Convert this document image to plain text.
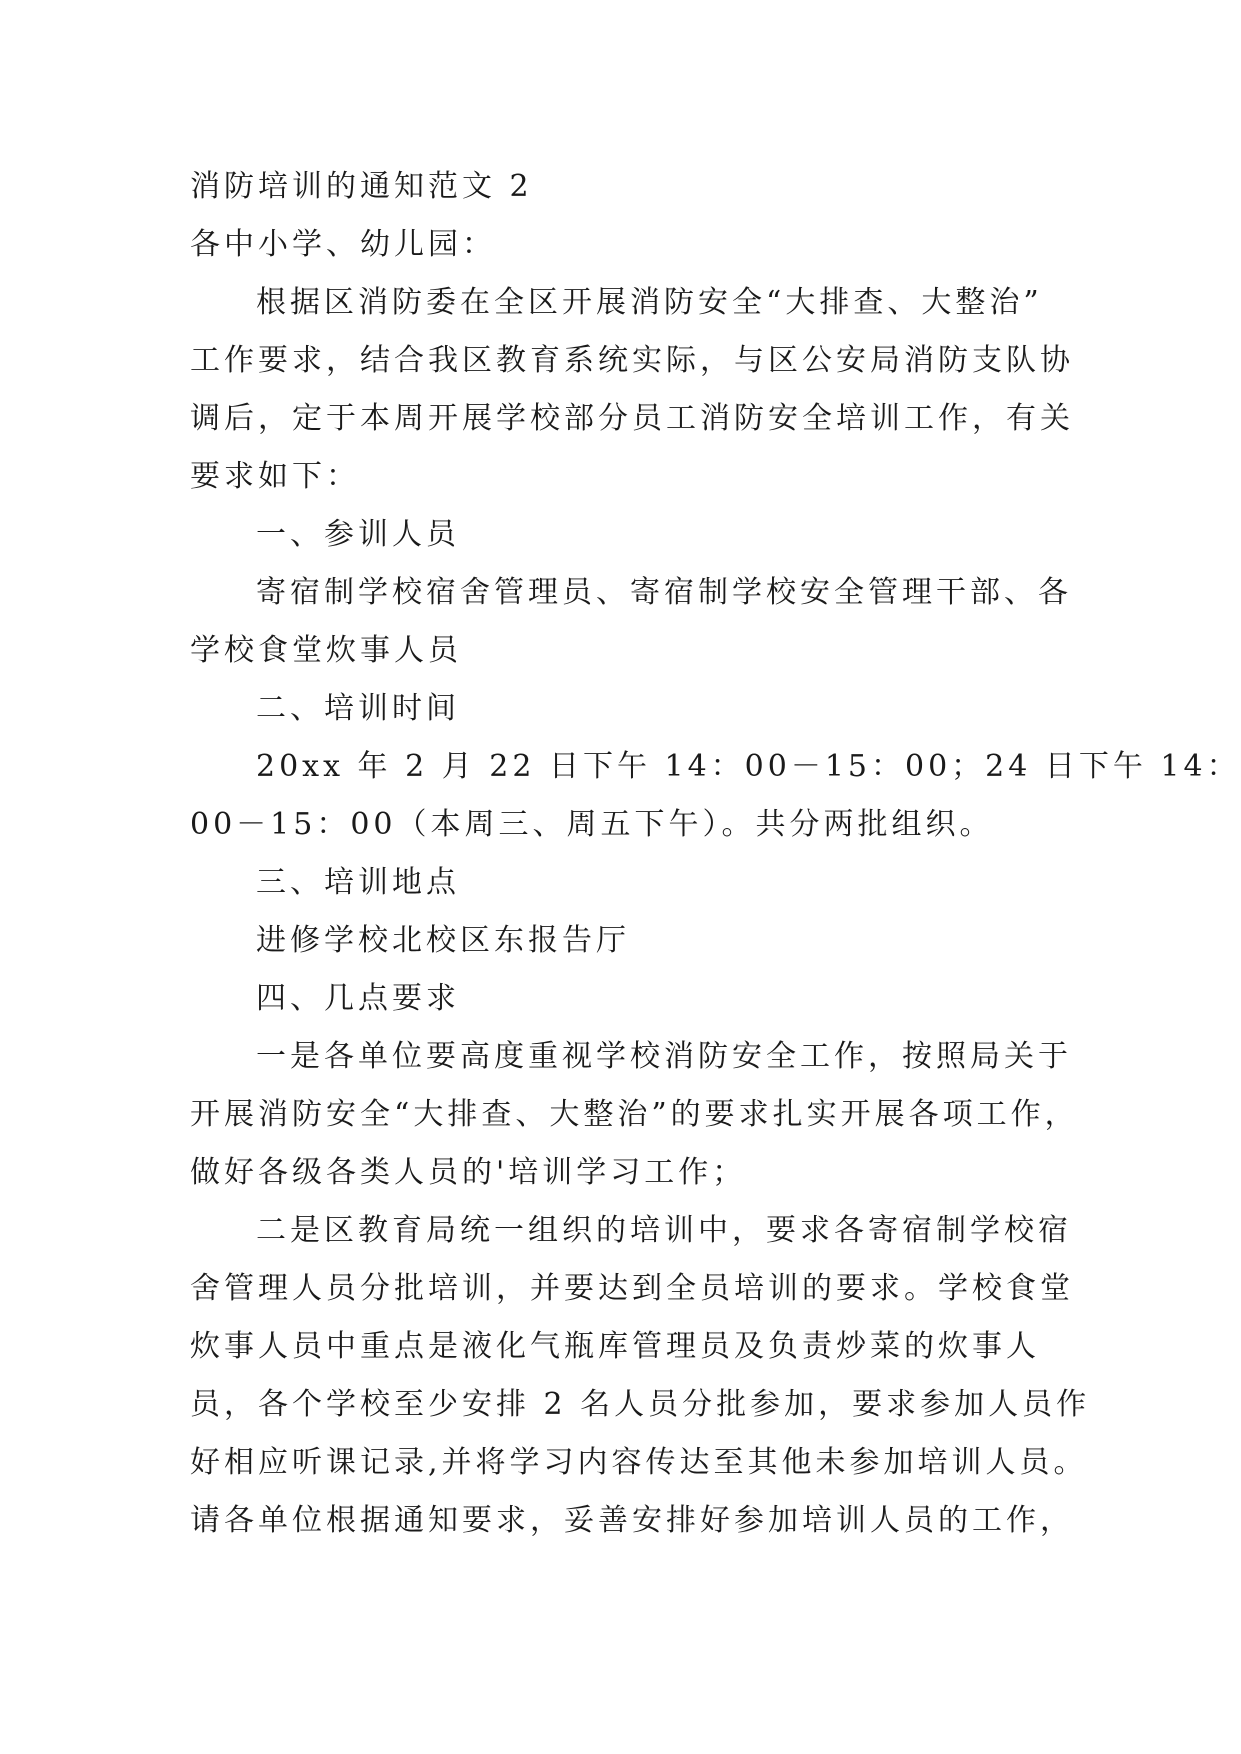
消防培训的通知范文 2

各中小学、幼儿园：

根据区消防委在全区开展消防安全“大排查、大整治”

工作要求，结合我区教育系统实际，与区公安局消防支队协

调后，定于本周开展学校部分员工消防安全培训工作，有关

要求如下：

一、参训人员

寄宿制学校宿舍管理员、寄宿制学校安全管理干部、各

学校食堂炊事人员

二、培训时间

20xx 年 2 月 22 日下午 14：00－15：00；24 日下午 14：

00－15：00（本周三、周五下午）。共分两批组织。

三、培训地点

进修学校北校区东报告厅

四、几点要求

一是各单位要高度重视学校消防安全工作，按照局关于

开展消防安全“大排查、大整治”的要求扎实开展各项工作，

做好各级各类人员的'培训学习工作；

二是区教育局统一组织的培训中，要求各寄宿制学校宿

舍管理人员分批培训，并要达到全员培训的要求。学校食堂

炊事人员中重点是液化气瓶库管理员及负责炒菜的炊事人

员，各个学校至少安排 2 名人员分批参加，要求参加人员作

好相应听课记录,并将学习内容传达至其他未参加培训人员。

请各单位根据通知要求，妥善安排好参加培训人员的工作，
